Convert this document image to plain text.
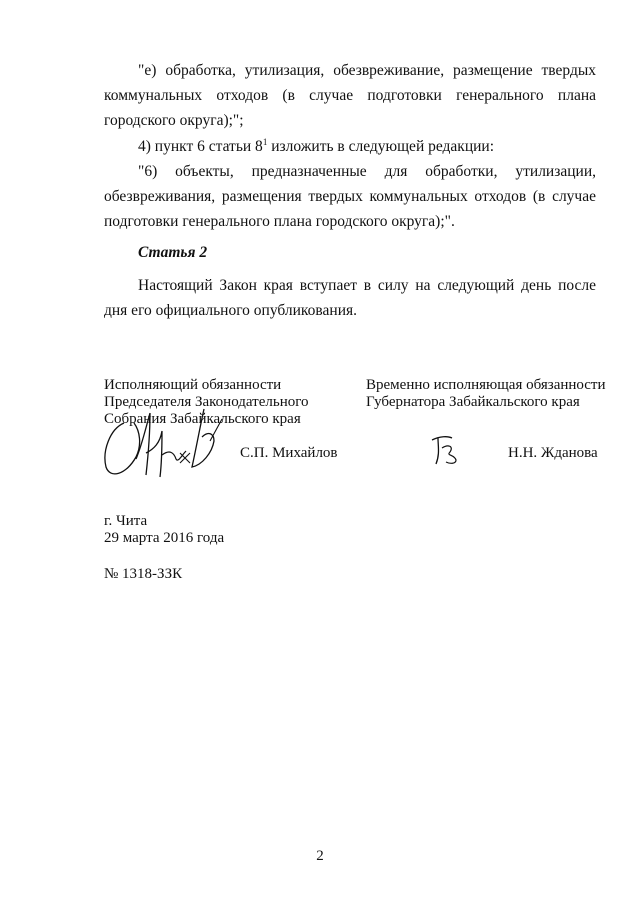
"е) обработка, утилизация, обезвреживание, размещение твердых коммунальных отходов (в случае подготовки генерального плана городского округа);";
4) пункт 6 статьи $8^1$ изложить в следующей редакции:
"6) объекты, предназначенные для обработки, утилизации, обезвреживания, размещения твердых коммунальных отходов (в случае подготовки генерального плана городского округа);".
Статья 2
Настоящий Закон края вступает в силу на следующий день после дня его официального опубликования.
Исполняющий обязанности
Председателя Законодательного
Собрания Забайкальского края
С.П. Михайлов
Временно исполняющая обязанности
Губернатора Забайкальского края
Н.Н. Жданова
г. Чита
29 марта 2016 года
№ 1318-ЗЗК
2
